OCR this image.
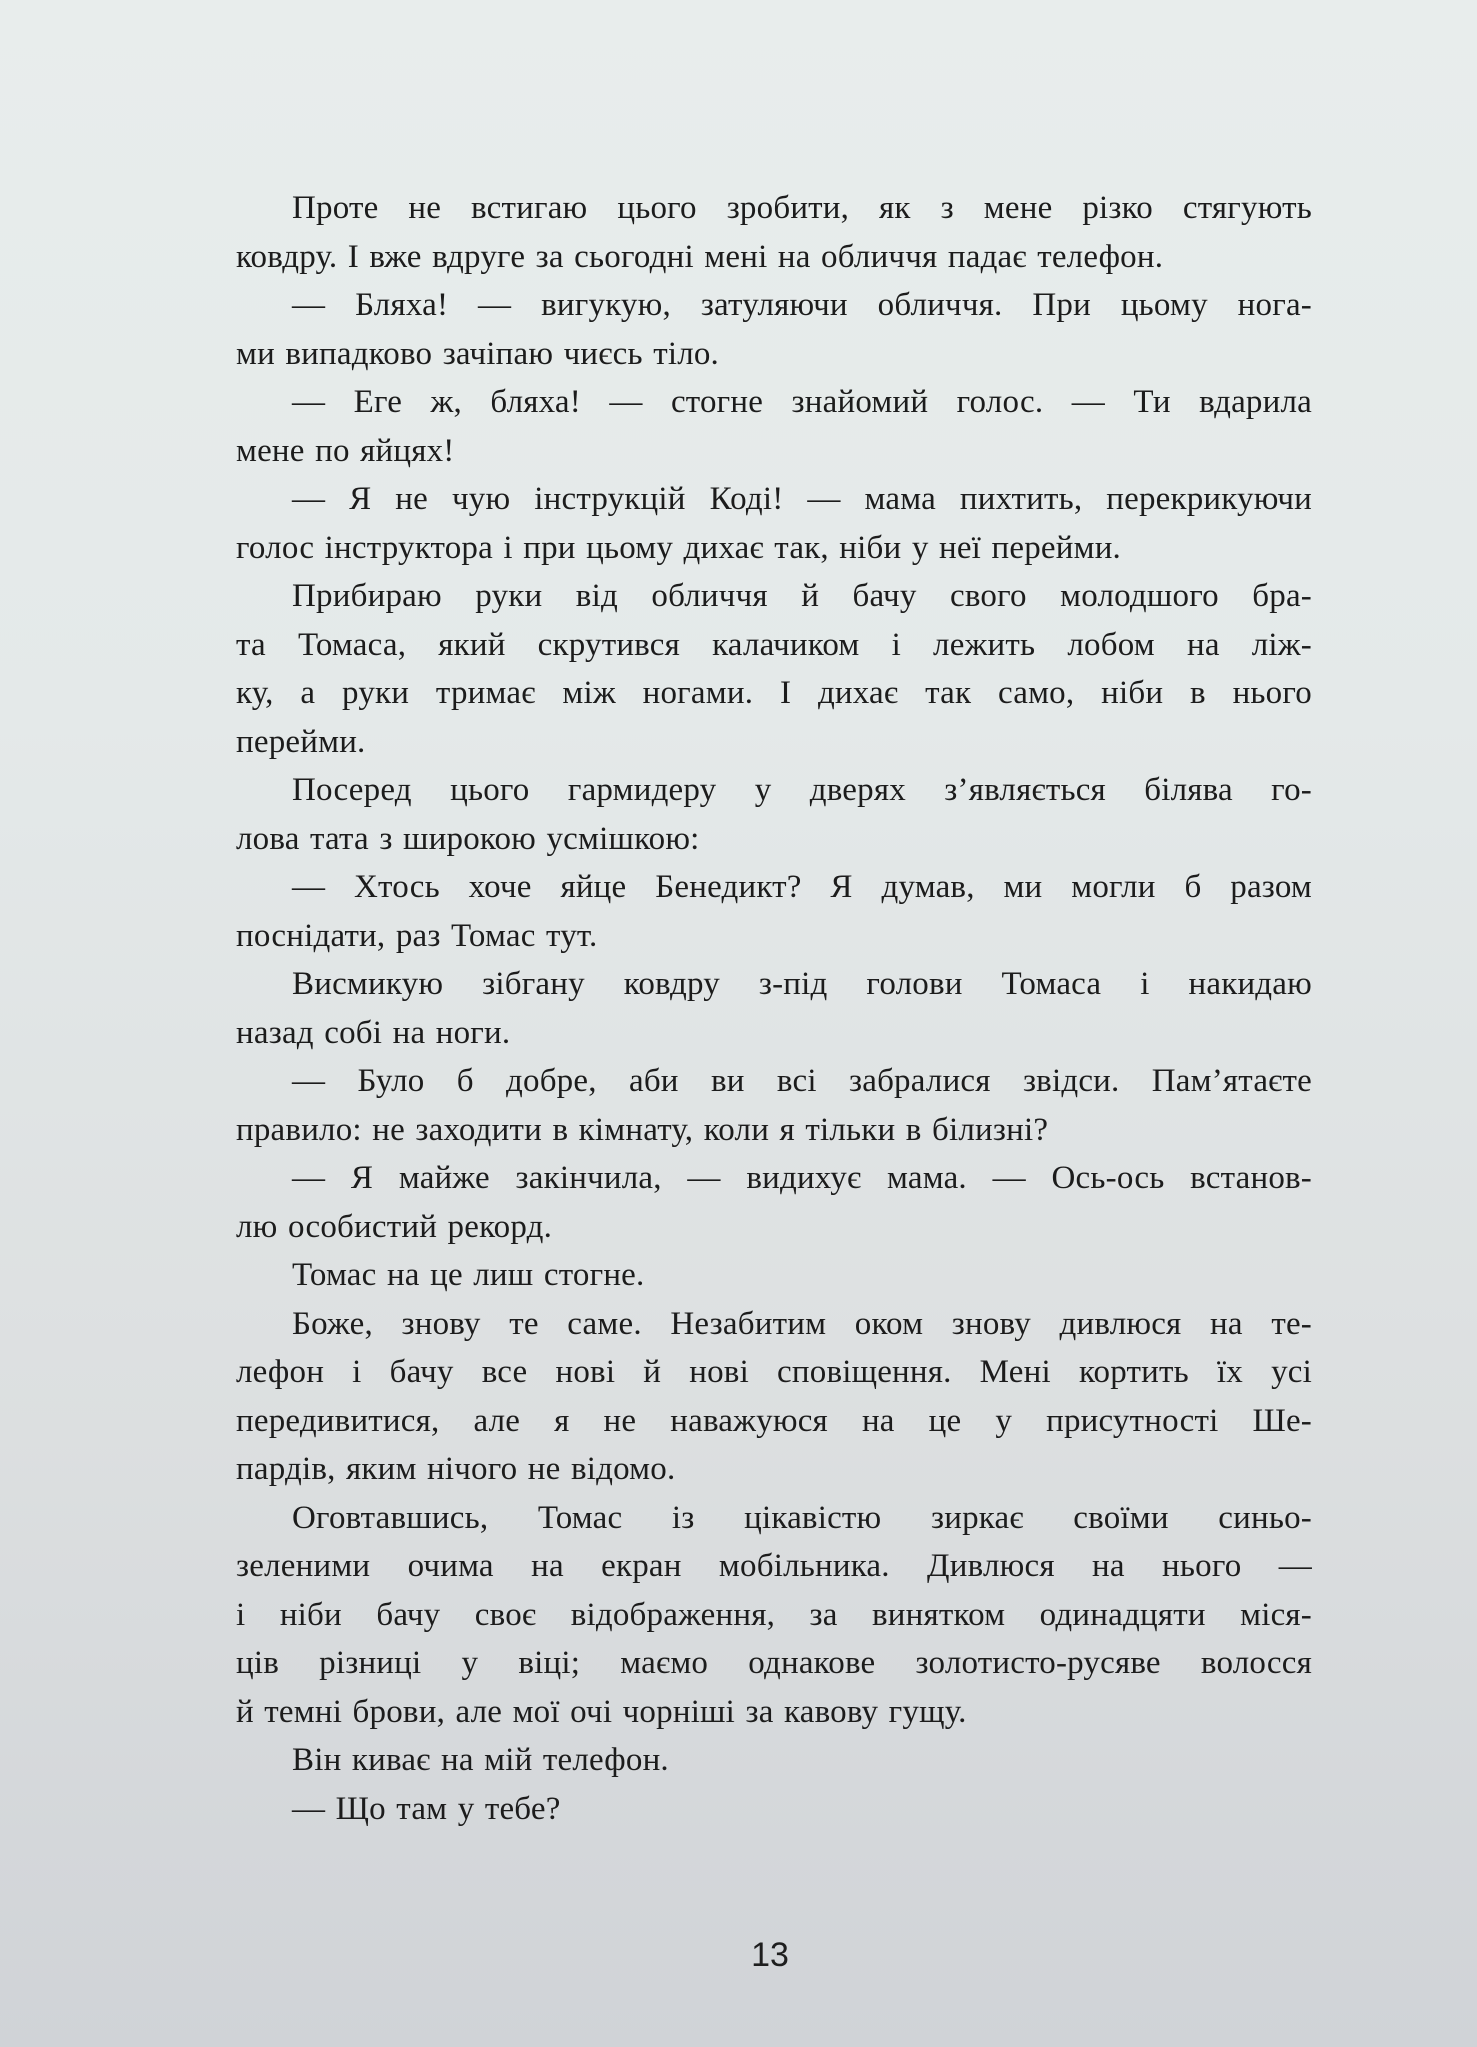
Проте не встигаю цього зробити, як з мене різко стягують
ковдру. І вже вдруге за сьогодні мені на обличчя падає телефон.
— Бляха! — вигукую, затуляючи обличчя. При цьому нога-
ми випадково зачіпаю чиєсь тіло.
— Еге ж, бляха! — стогне знайомий голос. — Ти вдарила
мене по яйцях!
— Я не чую інструкцій Коді! — мама пихтить, перекрикуючи
голос інструктора і при цьому дихає так, ніби у неї перейми.
Прибираю руки від обличчя й бачу свого молодшого бра-
та Томаса, який скрутився калачиком і лежить лобом на ліж-
ку, а руки тримає між ногами. І дихає так само, ніби в нього
перейми.
Посеред цього гармидеру у дверях з’являється білява го-
лова тата з широкою усмішкою:
— Хтось хоче яйце Бенедикт? Я думав, ми могли б разом
поснідати, раз Томас тут.
Висмикую зібгану ковдру з-під голови Томаса і накидаю
назад собі на ноги.
— Було б добре, аби ви всі забралися звідси. Пам’ятаєте
правило: не заходити в кімнату, коли я тільки в білизні?
— Я майже закінчила, — видихує мама. — Ось-ось встанов-
лю особистий рекорд.
Томас на це лиш стогне.
Боже, знову те саме. Незабитим оком знову дивлюся на те-
лефон і бачу все нові й нові сповіщення. Мені кортить їх усі
передивитися, але я не наважуюся на це у присутності Ше-
пардів, яким нічого не відомо.
Оговтавшись, Томас із цікавістю зиркає своїми синьо-
зеленими очима на екран мобільника. Дивлюся на нього —
і ніби бачу своє відображення, за винятком одинадцяти міся-
ців різниці у віці; маємо однакове золотисто-русяве волосся
й темні брови, але мої очі чорніші за кавову гущу.
Він киває на мій телефон.
— Що там у тебе?
13
